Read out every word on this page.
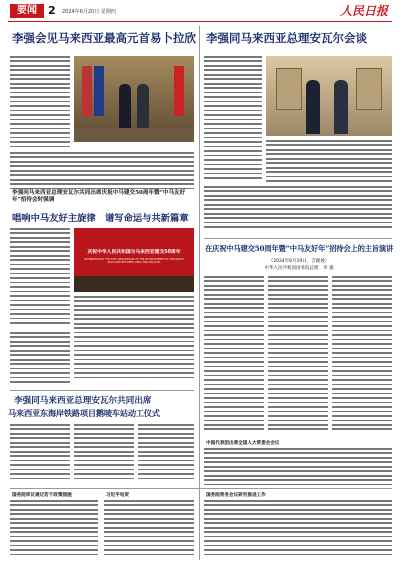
要闻	2 2024年6月20日 星期四	人民日报
李强会见马来西亚最高元首易卜拉欣 李强同马来西亚总理安瓦尔会谈
李强同马来西亚总理安瓦尔共同出席庆祝中马建交50周年暨“中马友好年”招待会时强调
唱响中马友好主旋律　谱写命运与共新篇章
庆祝中华人民共和国与马来西亚建交50周年
CELEBRATION OF THE 50TH ANNIVERSARY OF THE ESTABLISHMENT OF DIPLOMATIC RELATIONS BETWEEN CHINA AND MALAYSIA
在庆祝中马建交50周年暨“中马友好年”招待会上的主旨演讲
（2024年6月19日，吉隆坡）
中华人民共和国国务院总理　李 强
李强同马来西亚总理安瓦尔共同出席
马来西亚东海岸铁路项目鹅唛车站动工仪式
国务院审议通过若干政策措施	习近平电贺
中国代表团出席全国人大常委会会议
国务院常务会议研究推进工作
